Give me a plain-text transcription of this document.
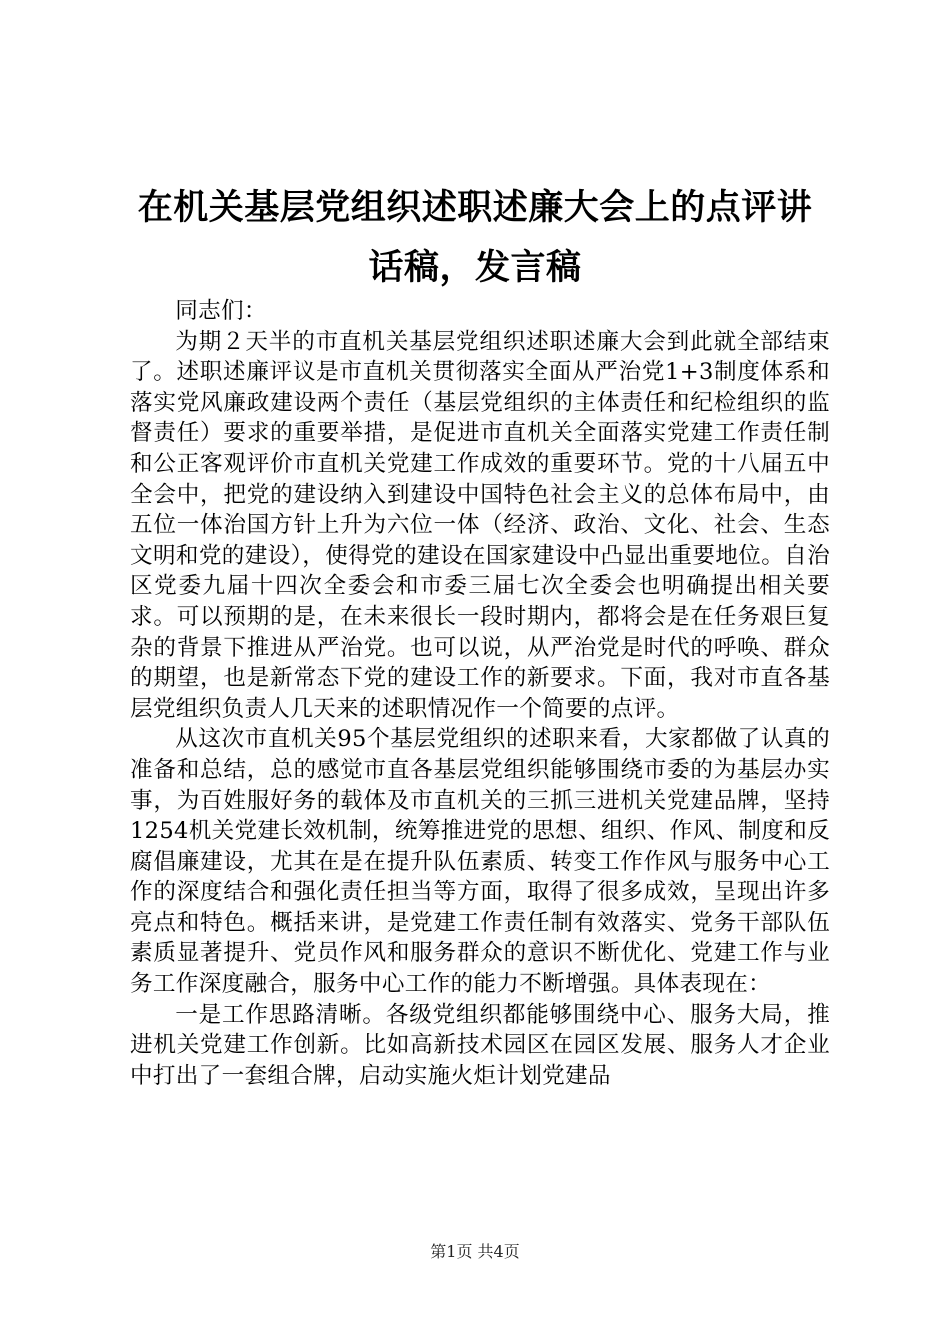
在机关基层党组织述职述廉大会上的点评讲话稿，发言稿
同志们：

为期２天半的市直机关基层党组织述职述廉大会到此就全部结束了。述职述廉评议是市直机关贯彻落实全面从严治党1+3制度体系和落实党风廉政建设两个责任（基层党组织的主体责任和纪检组织的监督责任）要求的重要举措，是促进市直机关全面落实党建工作责任制和公正客观评价市直机关党建工作成效的重要环节。党的十八届五中全会中，把党的建设纳入到建设中国特色社会主义的总体布局中，由五位一体治国方针上升为六位一体（经济、政治、文化、社会、生态文明和党的建设），使得党的建设在国家建设中凸显出重要地位。自治区党委九届十四次全委会和市委三届七次全委会也明确提出相关要求。可以预期的是，在未来很长一段时期内，都将会是在任务艰巨复杂的背景下推进从严治党。也可以说，从严治党是时代的呼唤、群众的期望，也是新常态下党的建设工作的新要求。下面，我对市直各基层党组织负责人几天来的述职情况作一个简要的点评。

从这次市直机关95个基层党组织的述职来看，大家都做了认真的准备和总结，总的感觉市直各基层党组织能够围绕市委的为基层办实事，为百姓服好务的载体及市直机关的三抓三进机关党建品牌，坚持1254机关党建长效机制，统筹推进党的思想、组织、作风、制度和反腐倡廉建设，尤其在是在提升队伍素质、转变工作作风与服务中心工作的深度结合和强化责任担当等方面，取得了很多成效，呈现出许多亮点和特色。概括来讲，是党建工作责任制有效落实、党务干部队伍素质显著提升、党员作风和服务群众的意识不断优化、党建工作与业务工作深度融合，服务中心工作的能力不断增强。具体表现在：

一是工作思路清晰。各级党组织都能够围绕中心、服务大局，推进机关党建工作创新。比如高新技术园区在园区发展、服务人才企业中打出了一套组合牌，启动实施火炬计划党建品

第1页 共4页
